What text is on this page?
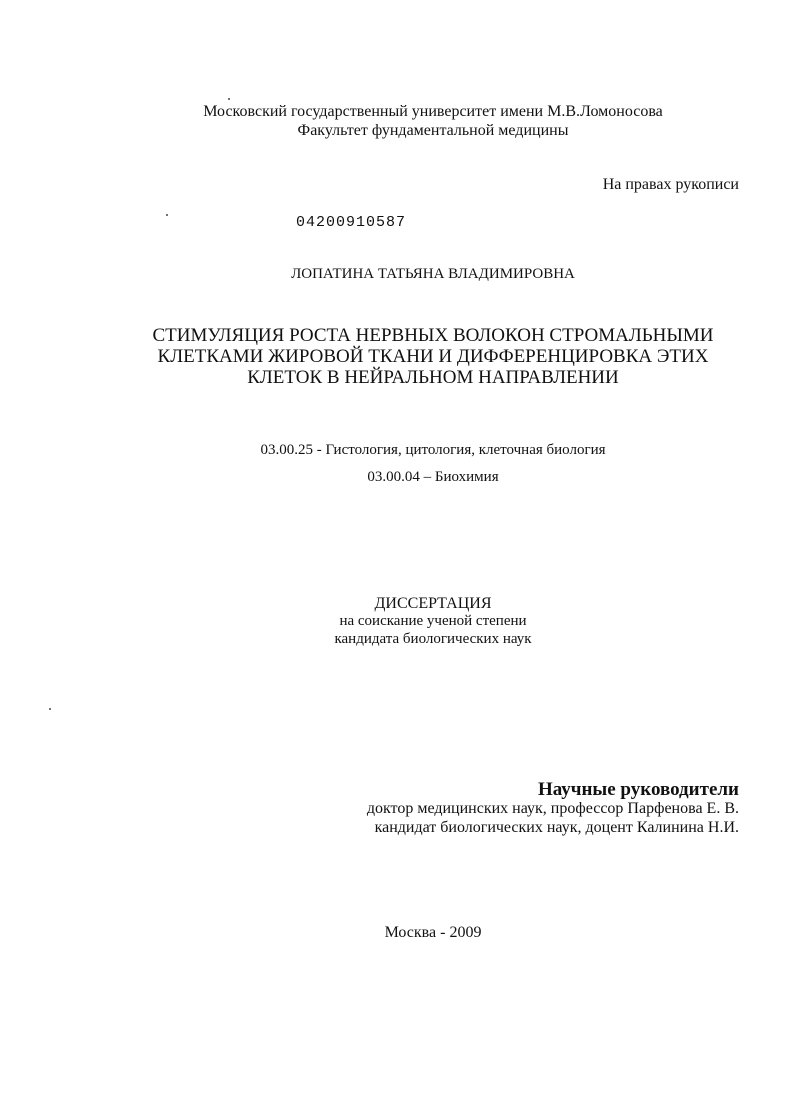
Московский государственный университет имени М.В.Ломоносова
Факультет фундаментальной медицины
На правах рукописи
04200910587
ЛОПАТИНА ТАТЬЯНА ВЛАДИМИРОВНА
СТИМУЛЯЦИЯ РОСТА НЕРВНЫХ ВОЛОКОН СТРОМАЛЬНЫМИ
КЛЕТКАМИ ЖИРОВОЙ ТКАНИ И ДИФФЕРЕНЦИРОВКА ЭТИХ
КЛЕТОК В НЕЙРАЛЬНОМ НАПРАВЛЕНИИ
03.00.25 - Гистология, цитология, клеточная биология
03.00.04 – Биохимия
ДИССЕРТАЦИЯ
на соискание ученой степени
кандидата биологических наук
Научные руководители
доктор медицинских наук, профессор Парфенова Е. В.
кандидат биологических наук, доцент Калинина Н.И.
Москва - 2009
